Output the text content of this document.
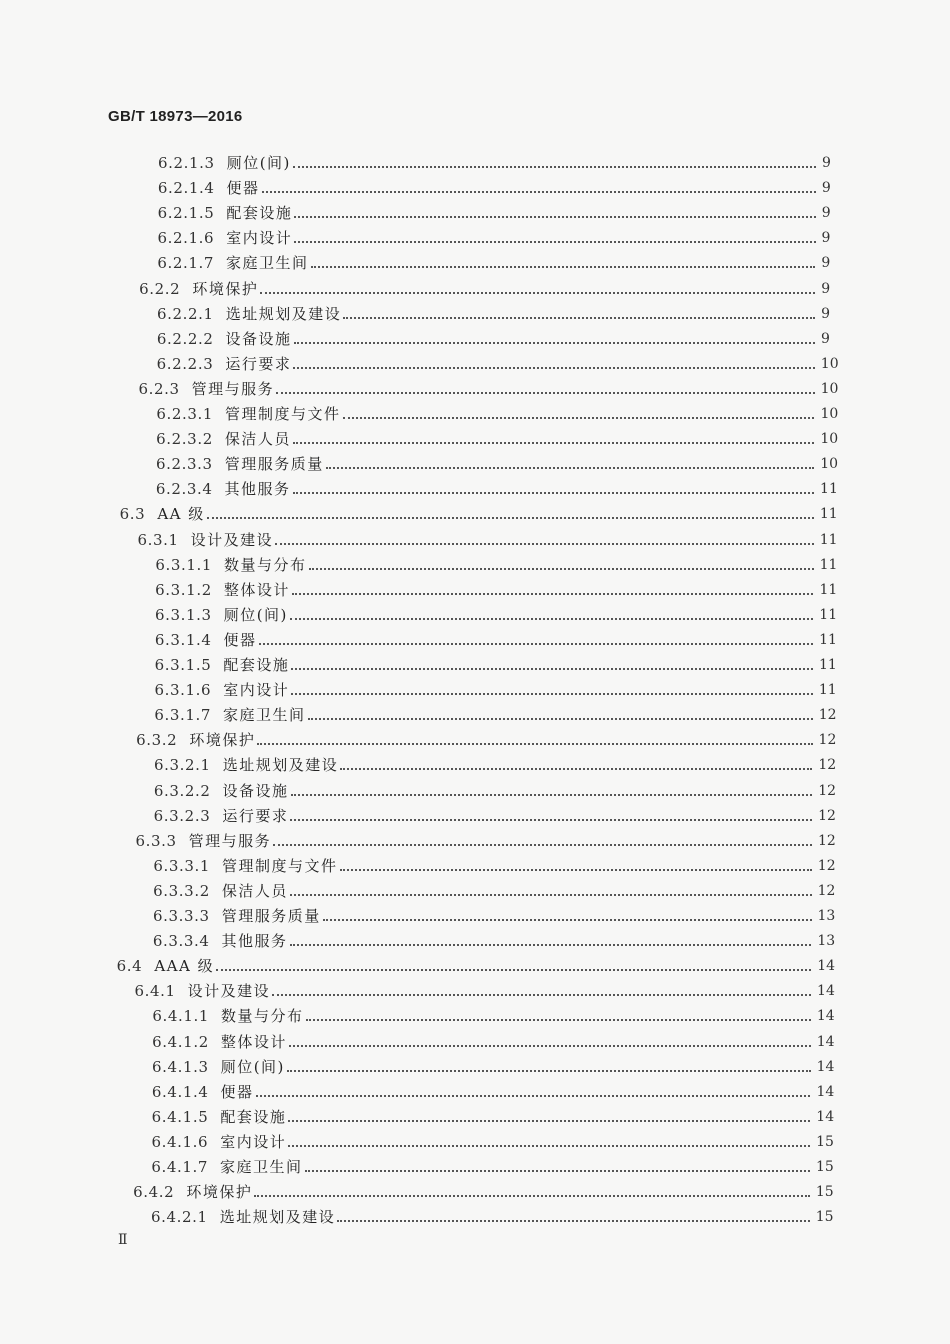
GB/T 18973—2016
6.2.1.3 厕位(间)	9
6.2.1.4 便器	9
6.2.1.5 配套设施	9
6.2.1.6 室内设计	9
6.2.1.7 家庭卫生间	9
6.2.2 环境保护	9
6.2.2.1 选址规划及建设	9
6.2.2.2 设备设施	9
6.2.2.3 运行要求	10
6.2.3 管理与服务	10
6.2.3.1 管理制度与文件	10
6.2.3.2 保洁人员	10
6.2.3.3 管理服务质量	10
6.2.3.4 其他服务	11
6.3 AA 级	11
6.3.1 设计及建设	11
6.3.1.1 数量与分布	11
6.3.1.2 整体设计	11
6.3.1.3 厕位(间)	11
6.3.1.4 便器	11
6.3.1.5 配套设施	11
6.3.1.6 室内设计	11
6.3.1.7 家庭卫生间	12
6.3.2 环境保护	12
6.3.2.1 选址规划及建设	12
6.3.2.2 设备设施	12
6.3.2.3 运行要求	12
6.3.3 管理与服务	12
6.3.3.1 管理制度与文件	12
6.3.3.2 保洁人员	12
6.3.3.3 管理服务质量	13
6.3.3.4 其他服务	13
6.4 AAA 级	14
6.4.1 设计及建设	14
6.4.1.1 数量与分布	14
6.4.1.2 整体设计	14
6.4.1.3 厕位(间)	14
6.4.1.4 便器	14
6.4.1.5 配套设施	14
6.4.1.6 室内设计	15
6.4.1.7 家庭卫生间	15
6.4.2 环境保护	15
6.4.2.1 选址规划及建设	15
Ⅱ
